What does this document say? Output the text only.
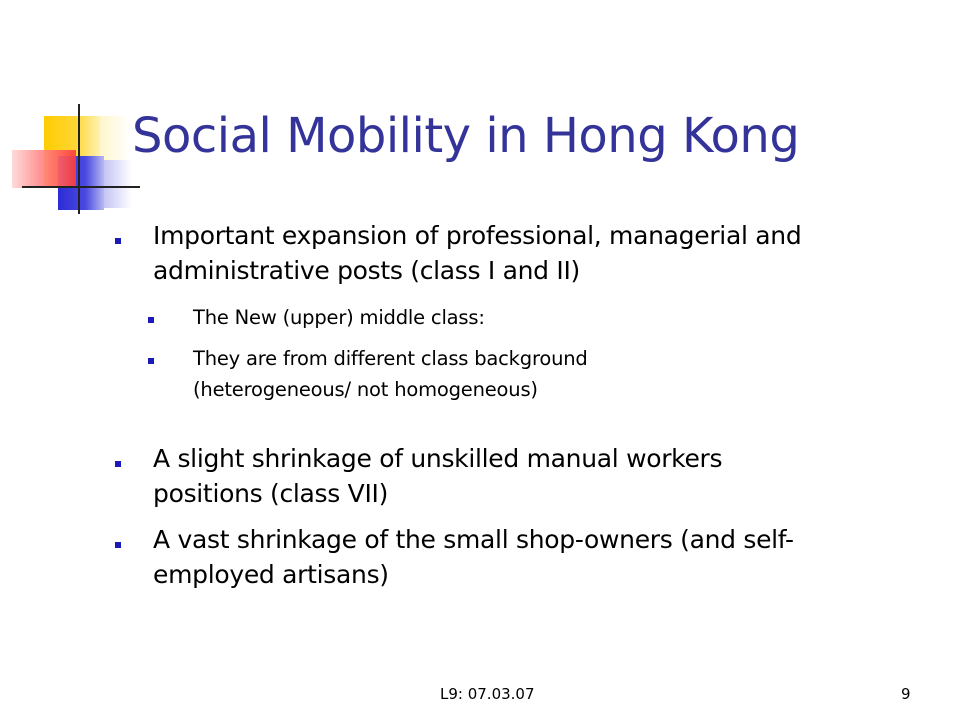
Social Mobility in Hong Kong
Important expansion of professional, managerial and
administrative posts (class I and II)
The New (upper) middle class:
They are from different class background
(heterogeneous/ not homogeneous)
A slight shrinkage of unskilled manual workers
positions (class VII)
A vast shrinkage of the small shop-owners (and self-
employed artisans)
L9: 07.03.07	9
